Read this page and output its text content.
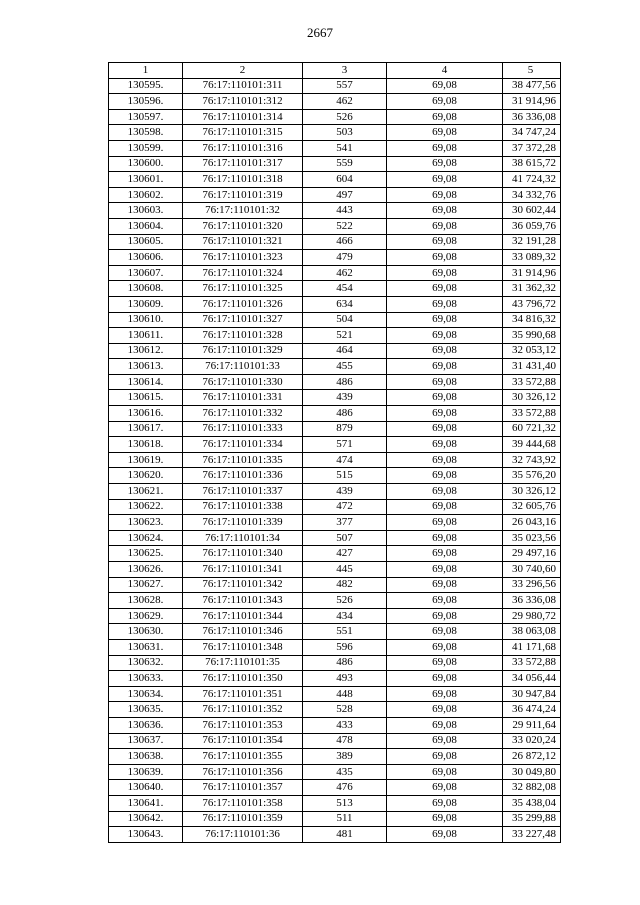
2667
1	2	3	4	5
130595.	76:17:110101:311	557	69,08	38 477,56
130596.	76:17:110101:312	462	69,08	31 914,96
130597.	76:17:110101:314	526	69,08	36 336,08
130598.	76:17:110101:315	503	69,08	34 747,24
130599.	76:17:110101:316	541	69,08	37 372,28
130600.	76:17:110101:317	559	69,08	38 615,72
130601.	76:17:110101:318	604	69,08	41 724,32
130602.	76:17:110101:319	497	69,08	34 332,76
130603.	76:17:110101:32	443	69,08	30 602,44
130604.	76:17:110101:320	522	69,08	36 059,76
130605.	76:17:110101:321	466	69,08	32 191,28
130606.	76:17:110101:323	479	69,08	33 089,32
130607.	76:17:110101:324	462	69,08	31 914,96
130608.	76:17:110101:325	454	69,08	31 362,32
130609.	76:17:110101:326	634	69,08	43 796,72
130610.	76:17:110101:327	504	69,08	34 816,32
130611.	76:17:110101:328	521	69,08	35 990,68
130612.	76:17:110101:329	464	69,08	32 053,12
130613.	76:17:110101:33	455	69,08	31 431,40
130614.	76:17:110101:330	486	69,08	33 572,88
130615.	76:17:110101:331	439	69,08	30 326,12
130616.	76:17:110101:332	486	69,08	33 572,88
130617.	76:17:110101:333	879	69,08	60 721,32
130618.	76:17:110101:334	571	69,08	39 444,68
130619.	76:17:110101:335	474	69,08	32 743,92
130620.	76:17:110101:336	515	69,08	35 576,20
130621.	76:17:110101:337	439	69,08	30 326,12
130622.	76:17:110101:338	472	69,08	32 605,76
130623.	76:17:110101:339	377	69,08	26 043,16
130624.	76:17:110101:34	507	69,08	35 023,56
130625.	76:17:110101:340	427	69,08	29 497,16
130626.	76:17:110101:341	445	69,08	30 740,60
130627.	76:17:110101:342	482	69,08	33 296,56
130628.	76:17:110101:343	526	69,08	36 336,08
130629.	76:17:110101:344	434	69,08	29 980,72
130630.	76:17:110101:346	551	69,08	38 063,08
130631.	76:17:110101:348	596	69,08	41 171,68
130632.	76:17:110101:35	486	69,08	33 572,88
130633.	76:17:110101:350	493	69,08	34 056,44
130634.	76:17:110101:351	448	69,08	30 947,84
130635.	76:17:110101:352	528	69,08	36 474,24
130636.	76:17:110101:353	433	69,08	29 911,64
130637.	76:17:110101:354	478	69,08	33 020,24
130638.	76:17:110101:355	389	69,08	26 872,12
130639.	76:17:110101:356	435	69,08	30 049,80
130640.	76:17:110101:357	476	69,08	32 882,08
130641.	76:17:110101:358	513	69,08	35 438,04
130642.	76:17:110101:359	511	69,08	35 299,88
130643.	76:17:110101:36	481	69,08	33 227,48
